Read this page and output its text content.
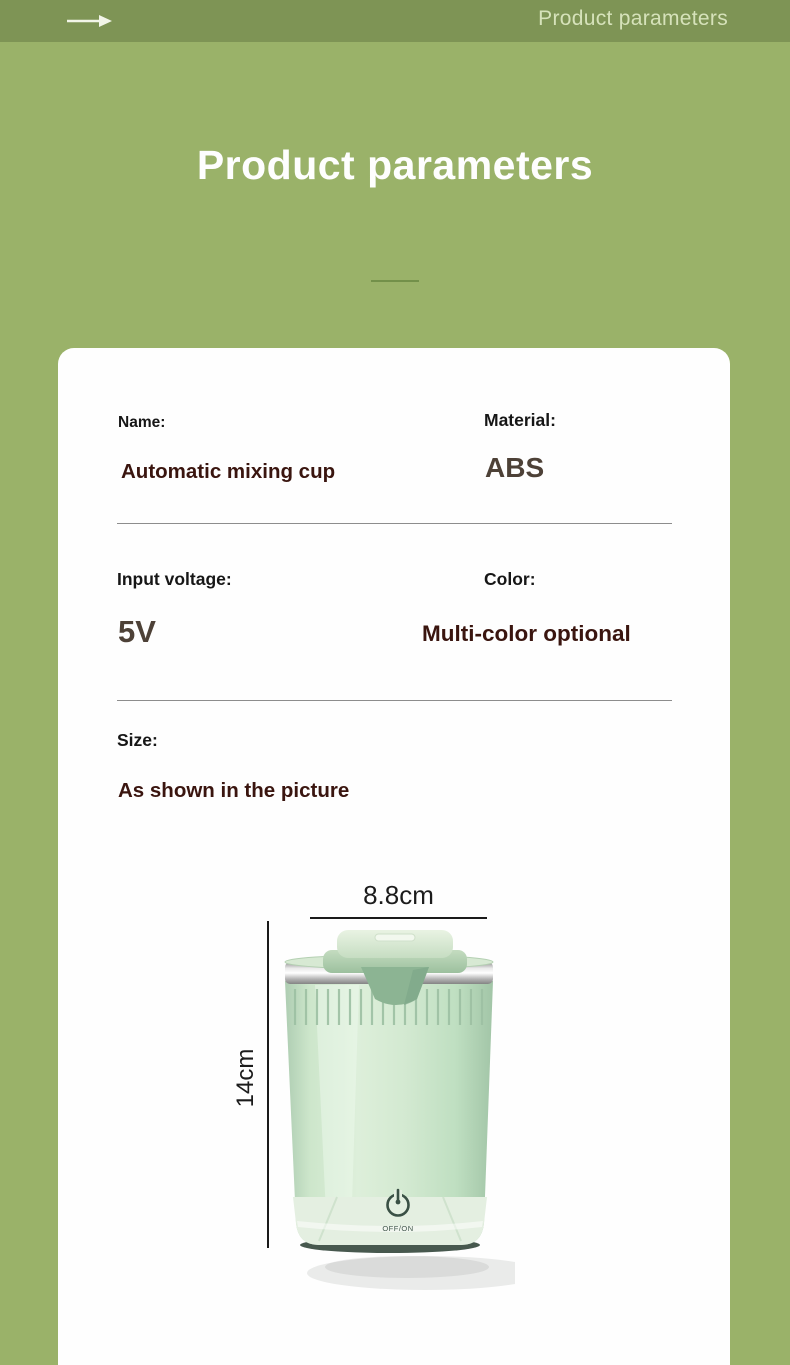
Product parameters
Product parameters
Name:	Material:
Automatic mixing cup	ABS
Input voltage:	Color:
5V	Multi-color optional
Size:
As shown in the picture
8.8cm
14cm
OFF/ON
